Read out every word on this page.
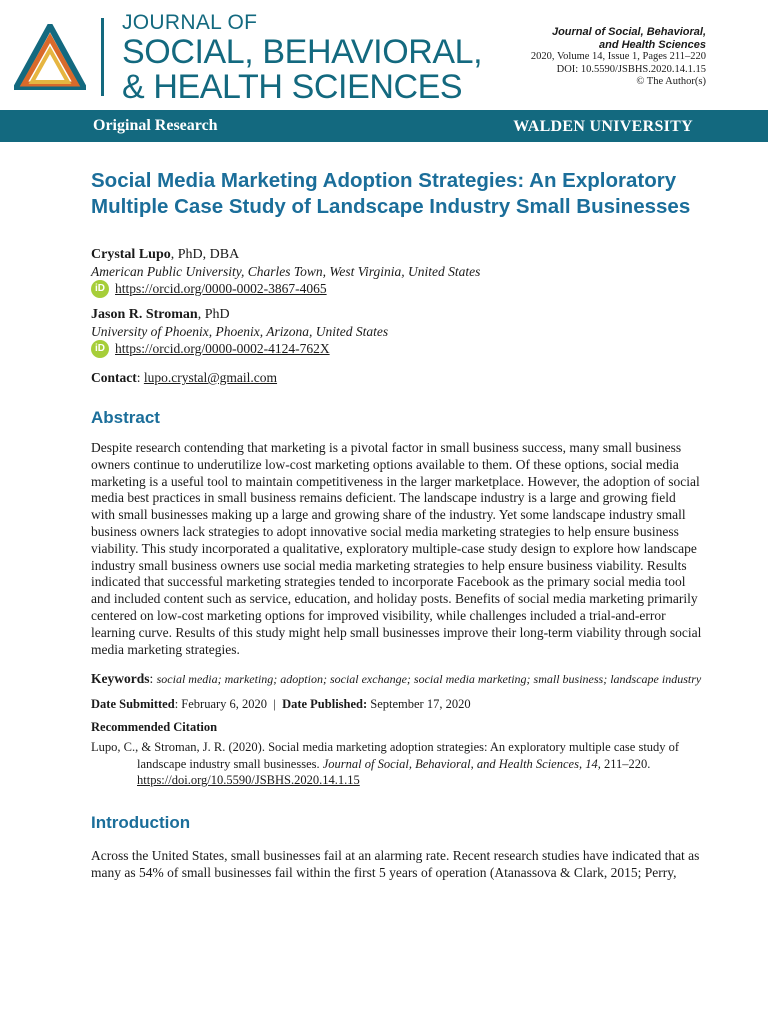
JOURNAL OF
SOCIAL, BEHAVIORAL,
& HEALTH SCIENCES
Journal of Social, Behavioral,
and Health Sciences
2020, Volume 14, Issue 1, Pages 211–220
DOI: 10.5590/JSBHS.2020.14.1.15
© The Author(s)
Original Research	WALDEN UNIVERSITY
Social Media Marketing Adoption Strategies: An Exploratory Multiple Case Study of Landscape Industry Small Businesses
Crystal Lupo, PhD, DBA
American Public University, Charles Town, West Virginia, United States
iD https://orcid.org/0000-0002-3867-4065
Jason R. Stroman, PhD
University of Phoenix, Phoenix, Arizona, United States
iD https://orcid.org/0000-0002-4124-762X
Contact: lupo.crystal@gmail.com
Abstract

Despite research contending that marketing is a pivotal factor in small business success, many small business owners continue to underutilize low-cost marketing options available to them. Of these options, social media marketing is a useful tool to maintain competitiveness in the larger marketplace. However, the adoption of social media best practices in small business remains deficient. The landscape industry is a large and growing field with small businesses making up a large and growing share of the industry. Yet some landscape industry small business owners lack strategies to adopt innovative social media marketing strategies to help ensure business viability. This study incorporated a qualitative, exploratory multiple-case study design to explore how landscape industry small business owners use social media marketing strategies to help ensure business viability. Results indicated that successful marketing strategies tended to incorporate Facebook as the primary social media tool and included content such as service, education, and holiday posts. Benefits of social media marketing primarily centered on low-cost marketing options for improved visibility, while challenges included a trial-and-error learning curve. Results of this study might help small businesses improve their long-term viability through social media marketing strategies.

Keywords: social media; marketing; adoption; social exchange; social media marketing; small business; landscape industry
Date Submitted: February 6, 2020  |  Date Published: September 17, 2020
Recommended Citation
Lupo, C., & Stroman, J. R. (2020). Social media marketing adoption strategies: An exploratory multiple case study of landscape industry small businesses. Journal of Social, Behavioral, and Health Sciences, 14, 211–220. https://doi.org/10.5590/JSBHS.2020.14.1.15
Introduction

Across the United States, small businesses fail at an alarming rate. Recent research studies have indicated that as many as 54% of small businesses fail within the first 5 years of operation (Atanassova & Clark, 2015; Perry,
